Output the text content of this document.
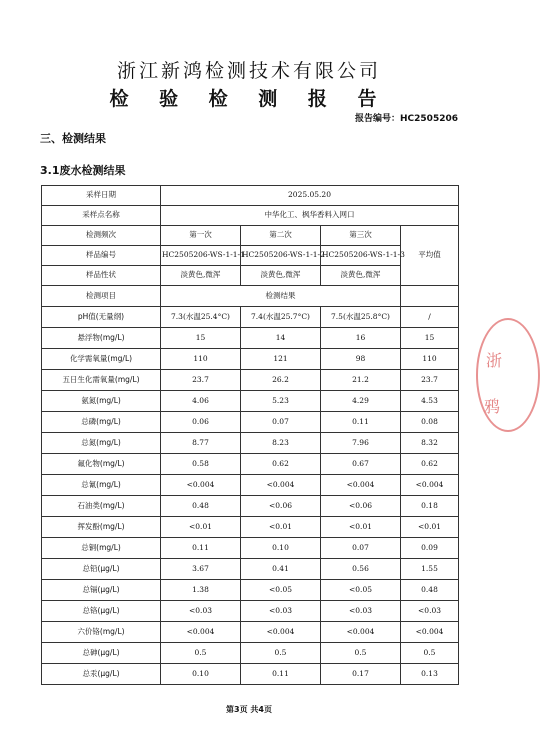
浙江新鸿检测技术有限公司
检 验 检 测 报 告
报告编号：HC2505206
三、检测结果
3.1废水检测结果
采样日期	2025.05.20			
采样点名称	中华化工、枫华香料入网口			
检测频次	第一次	第二次	第三次	平均值
样品编号	HC2505206-WS-1-1-1	HC2505206-WS-1-1-2	HC2505206-WS-1-1-3	
样品性状	淡黄色,微浑	淡黄色,微浑	淡黄色,微浑	
检测项目	检测结果			
pH值(无量纲)	7.3(水温25.4°C)	7.4(水温25.7°C)	7.5(水温25.8°C)	/
悬浮物(mg/L)	15	14	16	15
化学需氧量(mg/L)	110	121	98	110
五日生化需氧量(mg/L)	23.7	26.2	21.2	23.7
氨氮(mg/L)	4.06	5.23	4.29	4.53
总磷(mg/L)	0.06	0.07	0.11	0.08
总氮(mg/L)	8.77	8.23	7.96	8.32
氟化物(mg/L)	0.58	0.62	0.67	0.62
总氰(mg/L)	<0.004	<0.004	<0.004	<0.004
石油类(mg/L)	0.48	<0.06	<0.06	0.18
挥发酚(mg/L)	<0.01	<0.01	<0.01	<0.01
总铜(mg/L)	0.11	0.10	0.07	0.09
总铅(μg/L)	3.67	0.41	0.56	1.55
总镉(μg/L)	1.38	<0.05	<0.05	0.48
总铬(μg/L)	<0.03	<0.03	<0.03	<0.03
六价铬(mg/L)	<0.004	<0.004	<0.004	<0.004
总砷(μg/L)	0.5	0.5	0.5	0.5
总汞(μg/L)	0.10	0.11	0.17	0.13
浙
鸦
第3页 共4页
